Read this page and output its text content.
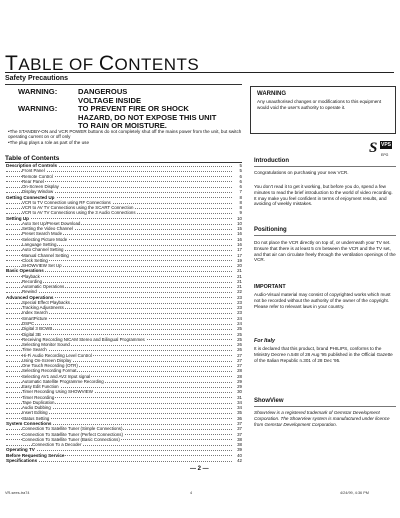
TABLE OF CONTENTS
Safety Precautions
WARNING:	DANGEROUS
VOLTAGE INSIDE
WARNING:	TO PREVENT FIRE OR SHOCK
HAZARD, DO NOT EXPOSE THIS UNIT
TO RAIN OR MOISTURE.
• The STANDBY-ON and VCR POWER buttons do not completely shut off the mains power from the unit, but switch operating current on or off only
• The plug plays a role as part of the use
WARNING
Any unauthorised changes or modifications to this equipment would void the user's authority to operate it.
S VPS
EPG
Table of Contents
Description of Controls	5
Front Panel	5
Remote Control	6
Rear Panel	6
On-Screen Display	6
Display Window	7
Getting Connected Up	8
VCR to TV Connection using RF Connections	8
VCR to AV TV Connections using the SCART Connection	8
VCR to AV TV Connections using the 3 Audio Connections	9
Setting Up	10
Auto Set Up/Preset Download	10
Setting the Video Channel	15
Preset Search Mode	16
Selecting Picture Mode	16
Language Setting	16
Auto Channel Setting	17
Manual Channel Setting	17
Clock Setting	19
SHOWVIEW Set Up	20
Basic Operations	21
Playback	21
Recording	21
Automatic Operations	21
Rewind	22
Advanced Operations	23
Special Effect Playbacks	23
Tracking Adjustments	23
Index Search	23
SmartPicture	24
DSPC	24
Digital 3 BCWB	25
Digital 3B	25
Receiving Recording NICAM Stereo and Bilingual Programmes	25
Selecting Monitor Sound	26
Time Search	26
Hi-Fi Audio Recording Level Control	27
Using On-Screen Display	27
One Touch Recording (OTR)	27
Selecting Recording Format	28
Selecting AV1 and AV2 Input signal	28
Automatic Satellite Programme Recording	29
Easy Edit Function	29
Timer Recording Using SHOWVIEW	30
Timer Recording	31
Tape Duplication	34
Audio Dubbing	34
Insert Editing	35
Status Setting	36
System Connections	37
Connection To Satellite Tuner (Simple Connections)	37
Connection To Satellite Tuner (Perfect Connections)	37
Connection To Satellite Tuner (Basic Connections)	38
Connection To a Decoder	38
Operating TV	39
Before Requesting Service	40
Specifications	42
Introduction
Congratulations on purchasing your new VCR.
You don't read it to get it working, but before you do, spend a few minutes to read the brief introduction to the world of video recording. It may make you feel confident in terms of enjoyment results, and avoiding of weekly mistakes.
Positioning
Do not place the VCR directly on top of, or underneath your TV set. Ensure that there is at least 5 cm between the VCR and the TV set, and that air can circulate freely through the ventilation openings of the VCR.
IMPORTANT
Audio-Visual material may consist of copyrighted works which must not be recorded without the authority of the owner of the copyright. Please refer to relevant laws in your country.
For Italy
It is declared that this product, brand PHILIPS, conforms to the Ministry Decree n.548 of 28 Aug '95 published in the Official Gazette of the Italian Republic n.301 of 28 Dec '95.
ShowView
ShowView is a registered trademark of Gemstar Development Corporation. The ShowView system is manufactured under licence from Gemstar Development Corporation.
— 2 —
VR-sees-tra74	4	4/24/99, 4:36 PM
